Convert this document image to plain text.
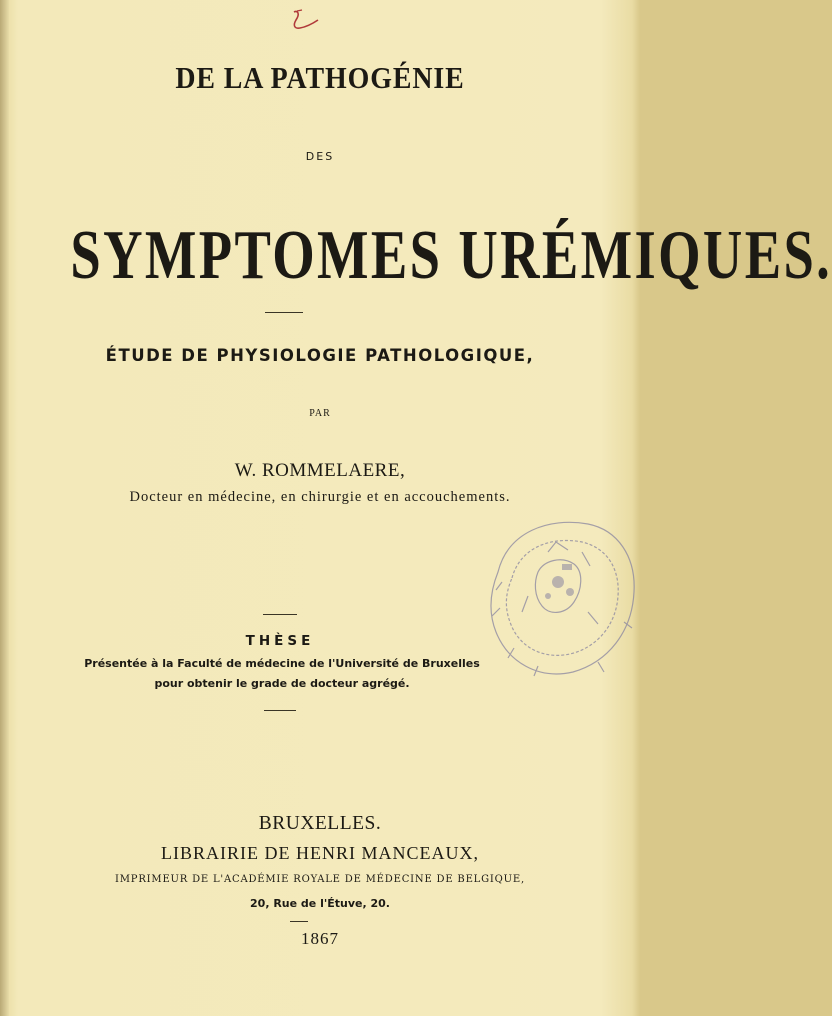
DE LA PATHOGÉNIE
DES
SYMPTOMES URÉMIQUES.
ÉTUDE DE PHYSIOLOGIE PATHOLOGIQUE,
PAR
W. ROMMELAERE,
Docteur en médecine, en chirurgie et en accouchements.
THÈSE
Présentée à la Faculté de médecine de l'Université de Bruxelles
pour obtenir le grade de docteur agrégé.
BRUXELLES.
LIBRAIRIE DE HENRI MANCEAUX,
IMPRIMEUR DE L'ACADÉMIE ROYALE DE MÉDECINE DE BELGIQUE,
20, Rue de l'Étuve, 20.
1867
